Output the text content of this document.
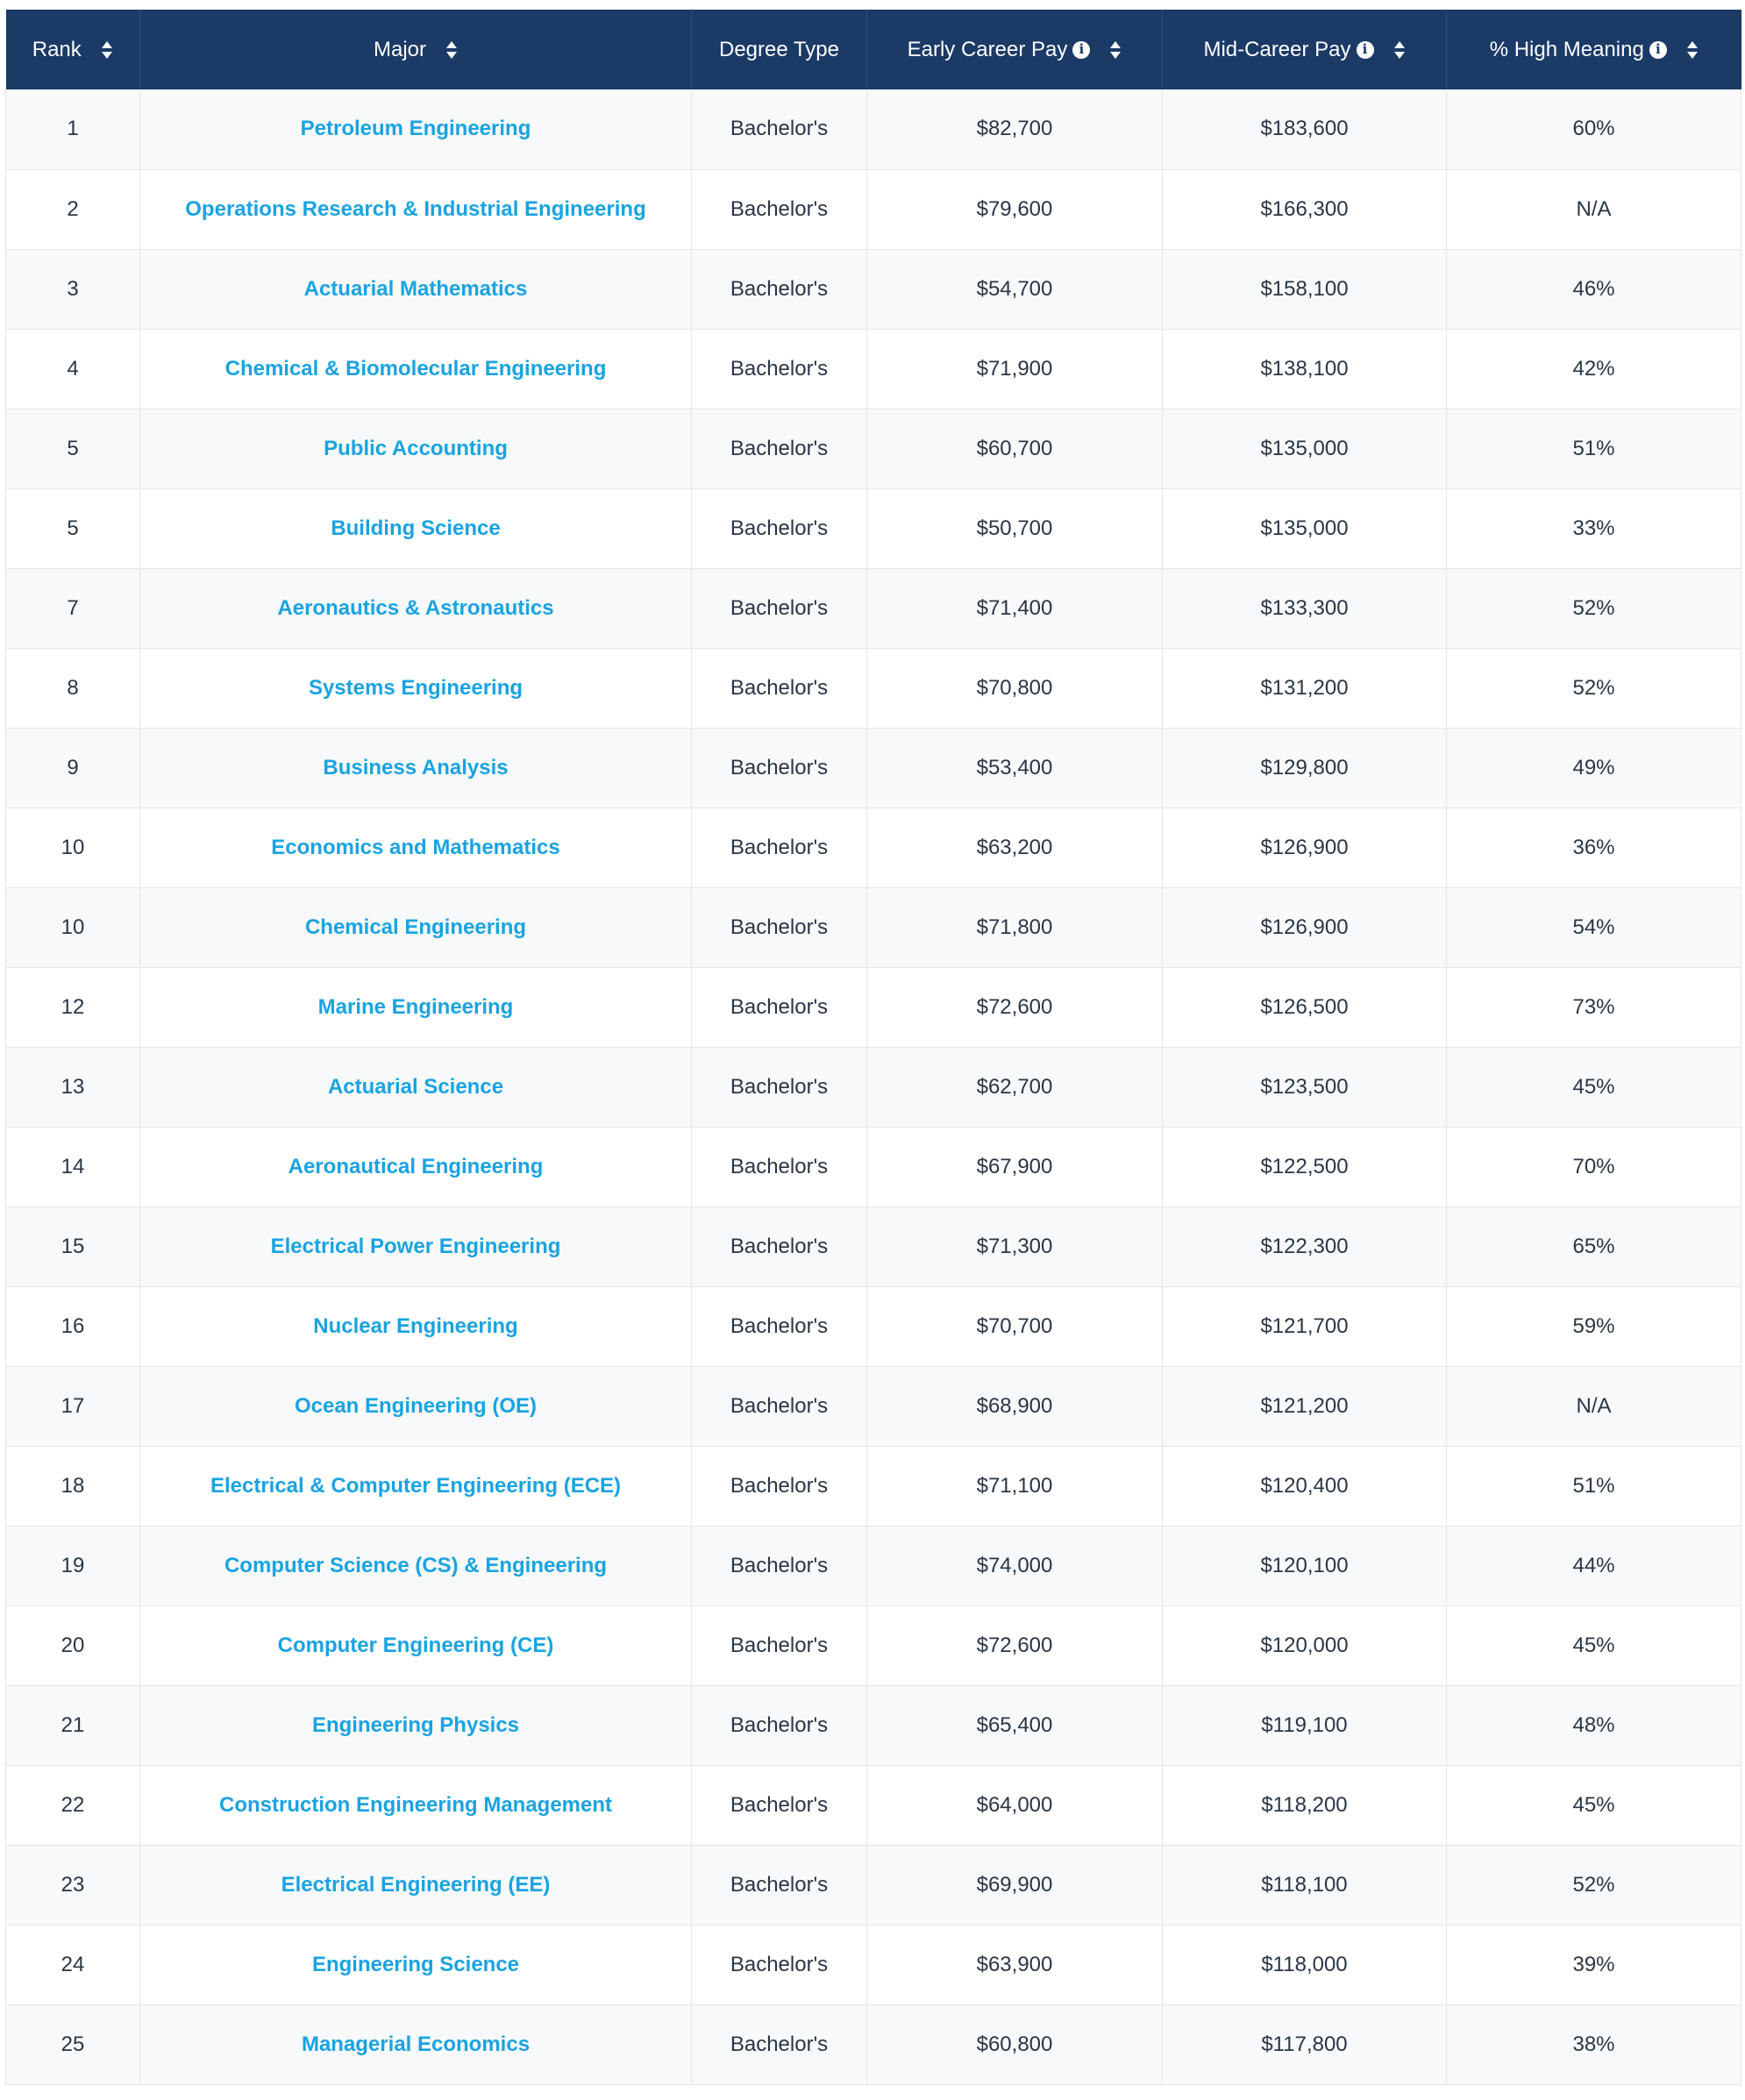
Rank	Major	Degree Type	Early Career Pay i	Mid-Career Pay i	% High Meaning i

1	Petroleum Engineering	Bachelor's	$82,700	$183,600	60%
2	Operations Research & Industrial Engineering	Bachelor's	$79,600	$166,300	N/A
3	Actuarial Mathematics	Bachelor's	$54,700	$158,100	46%
4	Chemical & Biomolecular Engineering	Bachelor's	$71,900	$138,100	42%
5	Public Accounting	Bachelor's	$60,700	$135,000	51%
5	Building Science	Bachelor's	$50,700	$135,000	33%
7	Aeronautics & Astronautics	Bachelor's	$71,400	$133,300	52%
8	Systems Engineering	Bachelor's	$70,800	$131,200	52%
9	Business Analysis	Bachelor's	$53,400	$129,800	49%
10	Economics and Mathematics	Bachelor's	$63,200	$126,900	36%
10	Chemical Engineering	Bachelor's	$71,800	$126,900	54%
12	Marine Engineering	Bachelor's	$72,600	$126,500	73%
13	Actuarial Science	Bachelor's	$62,700	$123,500	45%
14	Aeronautical Engineering	Bachelor's	$67,900	$122,500	70%
15	Electrical Power Engineering	Bachelor's	$71,300	$122,300	65%
16	Nuclear Engineering	Bachelor's	$70,700	$121,700	59%
17	Ocean Engineering (OE)	Bachelor's	$68,900	$121,200	N/A
18	Electrical & Computer Engineering (ECE)	Bachelor's	$71,100	$120,400	51%
19	Computer Science (CS) & Engineering	Bachelor's	$74,000	$120,100	44%
20	Computer Engineering (CE)	Bachelor's	$72,600	$120,000	45%
21	Engineering Physics	Bachelor's	$65,400	$119,100	48%
22	Construction Engineering Management	Bachelor's	$64,000	$118,200	45%
23	Electrical Engineering (EE)	Bachelor's	$69,900	$118,100	52%
24	Engineering Science	Bachelor's	$63,900	$118,000	39%
25	Managerial Economics	Bachelor's	$60,800	$117,800	38%
